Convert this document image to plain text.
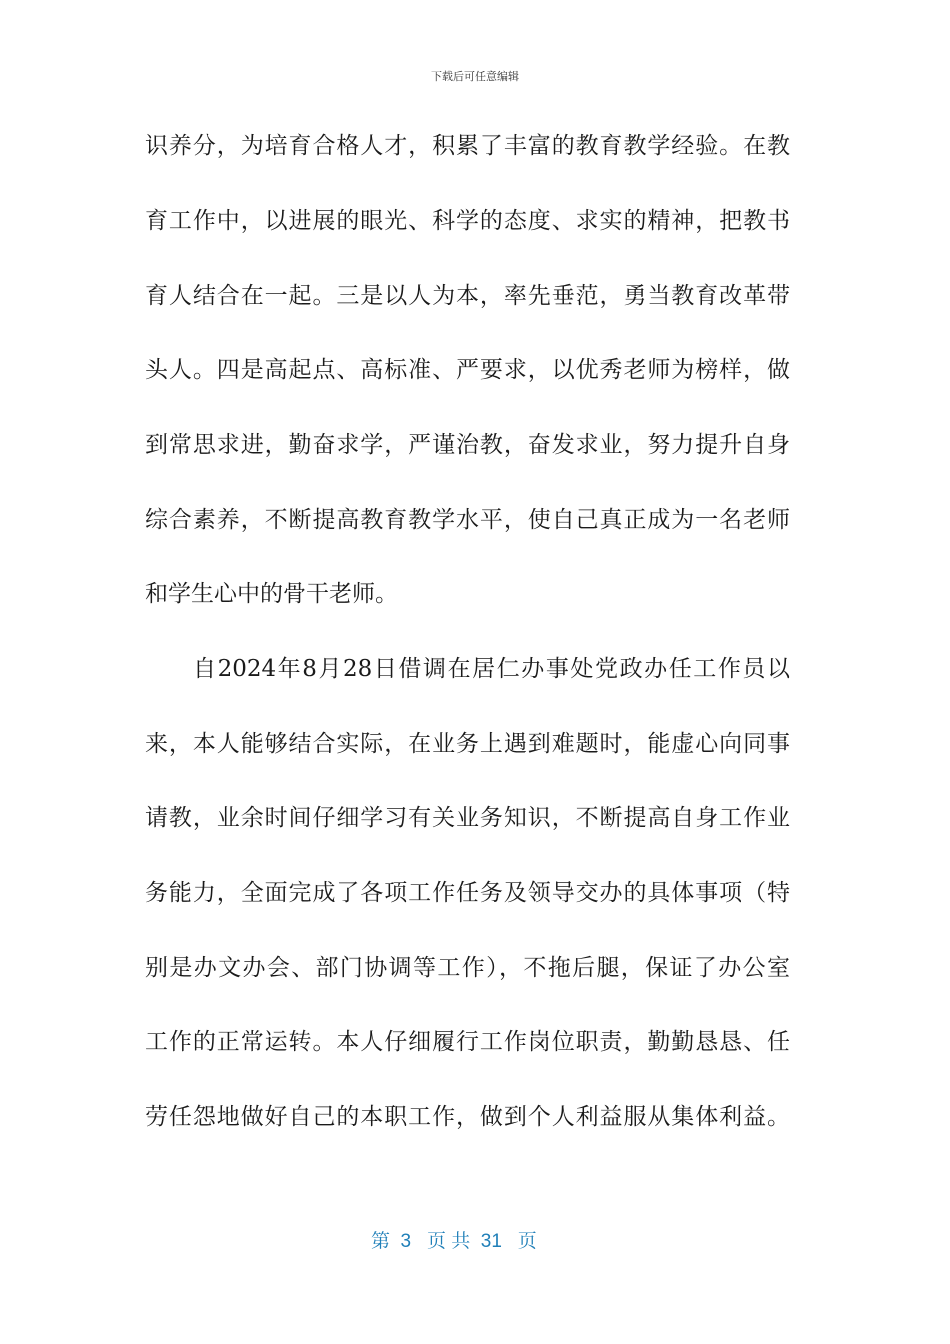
下载后可任意编辑
识养分，为培育合格人才，积累了丰富的教育教学经验。在教
育工作中，以进展的眼光、科学的态度、求实的精神，把教书
育人结合在一起。三是以人为本，率先垂范，勇当教育改革带
头人。四是高起点、高标准、严要求，以优秀老师为榜样，做
到常思求进，勤奋求学，严谨治教，奋发求业，努力提升自身
综合素养，不断提高教育教学水平，使自己真正成为一名老师
和学生心中的骨干老师。
自2024年8月28日借调在居仁办事处党政办任工作员以
来，本人能够结合实际，在业务上遇到难题时，能虚心向同事
请教，业余时间仔细学习有关业务知识，不断提高自身工作业
务能力，全面完成了各项工作任务及领导交办的具体事项（特
别是办文办会、部门协调等工作），不拖后腿，保证了办公室
工作的正常运转。本人仔细履行工作岗位职责，勤勤恳恳、任
劳任怨地做好自己的本职工作，做到个人利益服从集体利益。
第  3   页 共  31   页
